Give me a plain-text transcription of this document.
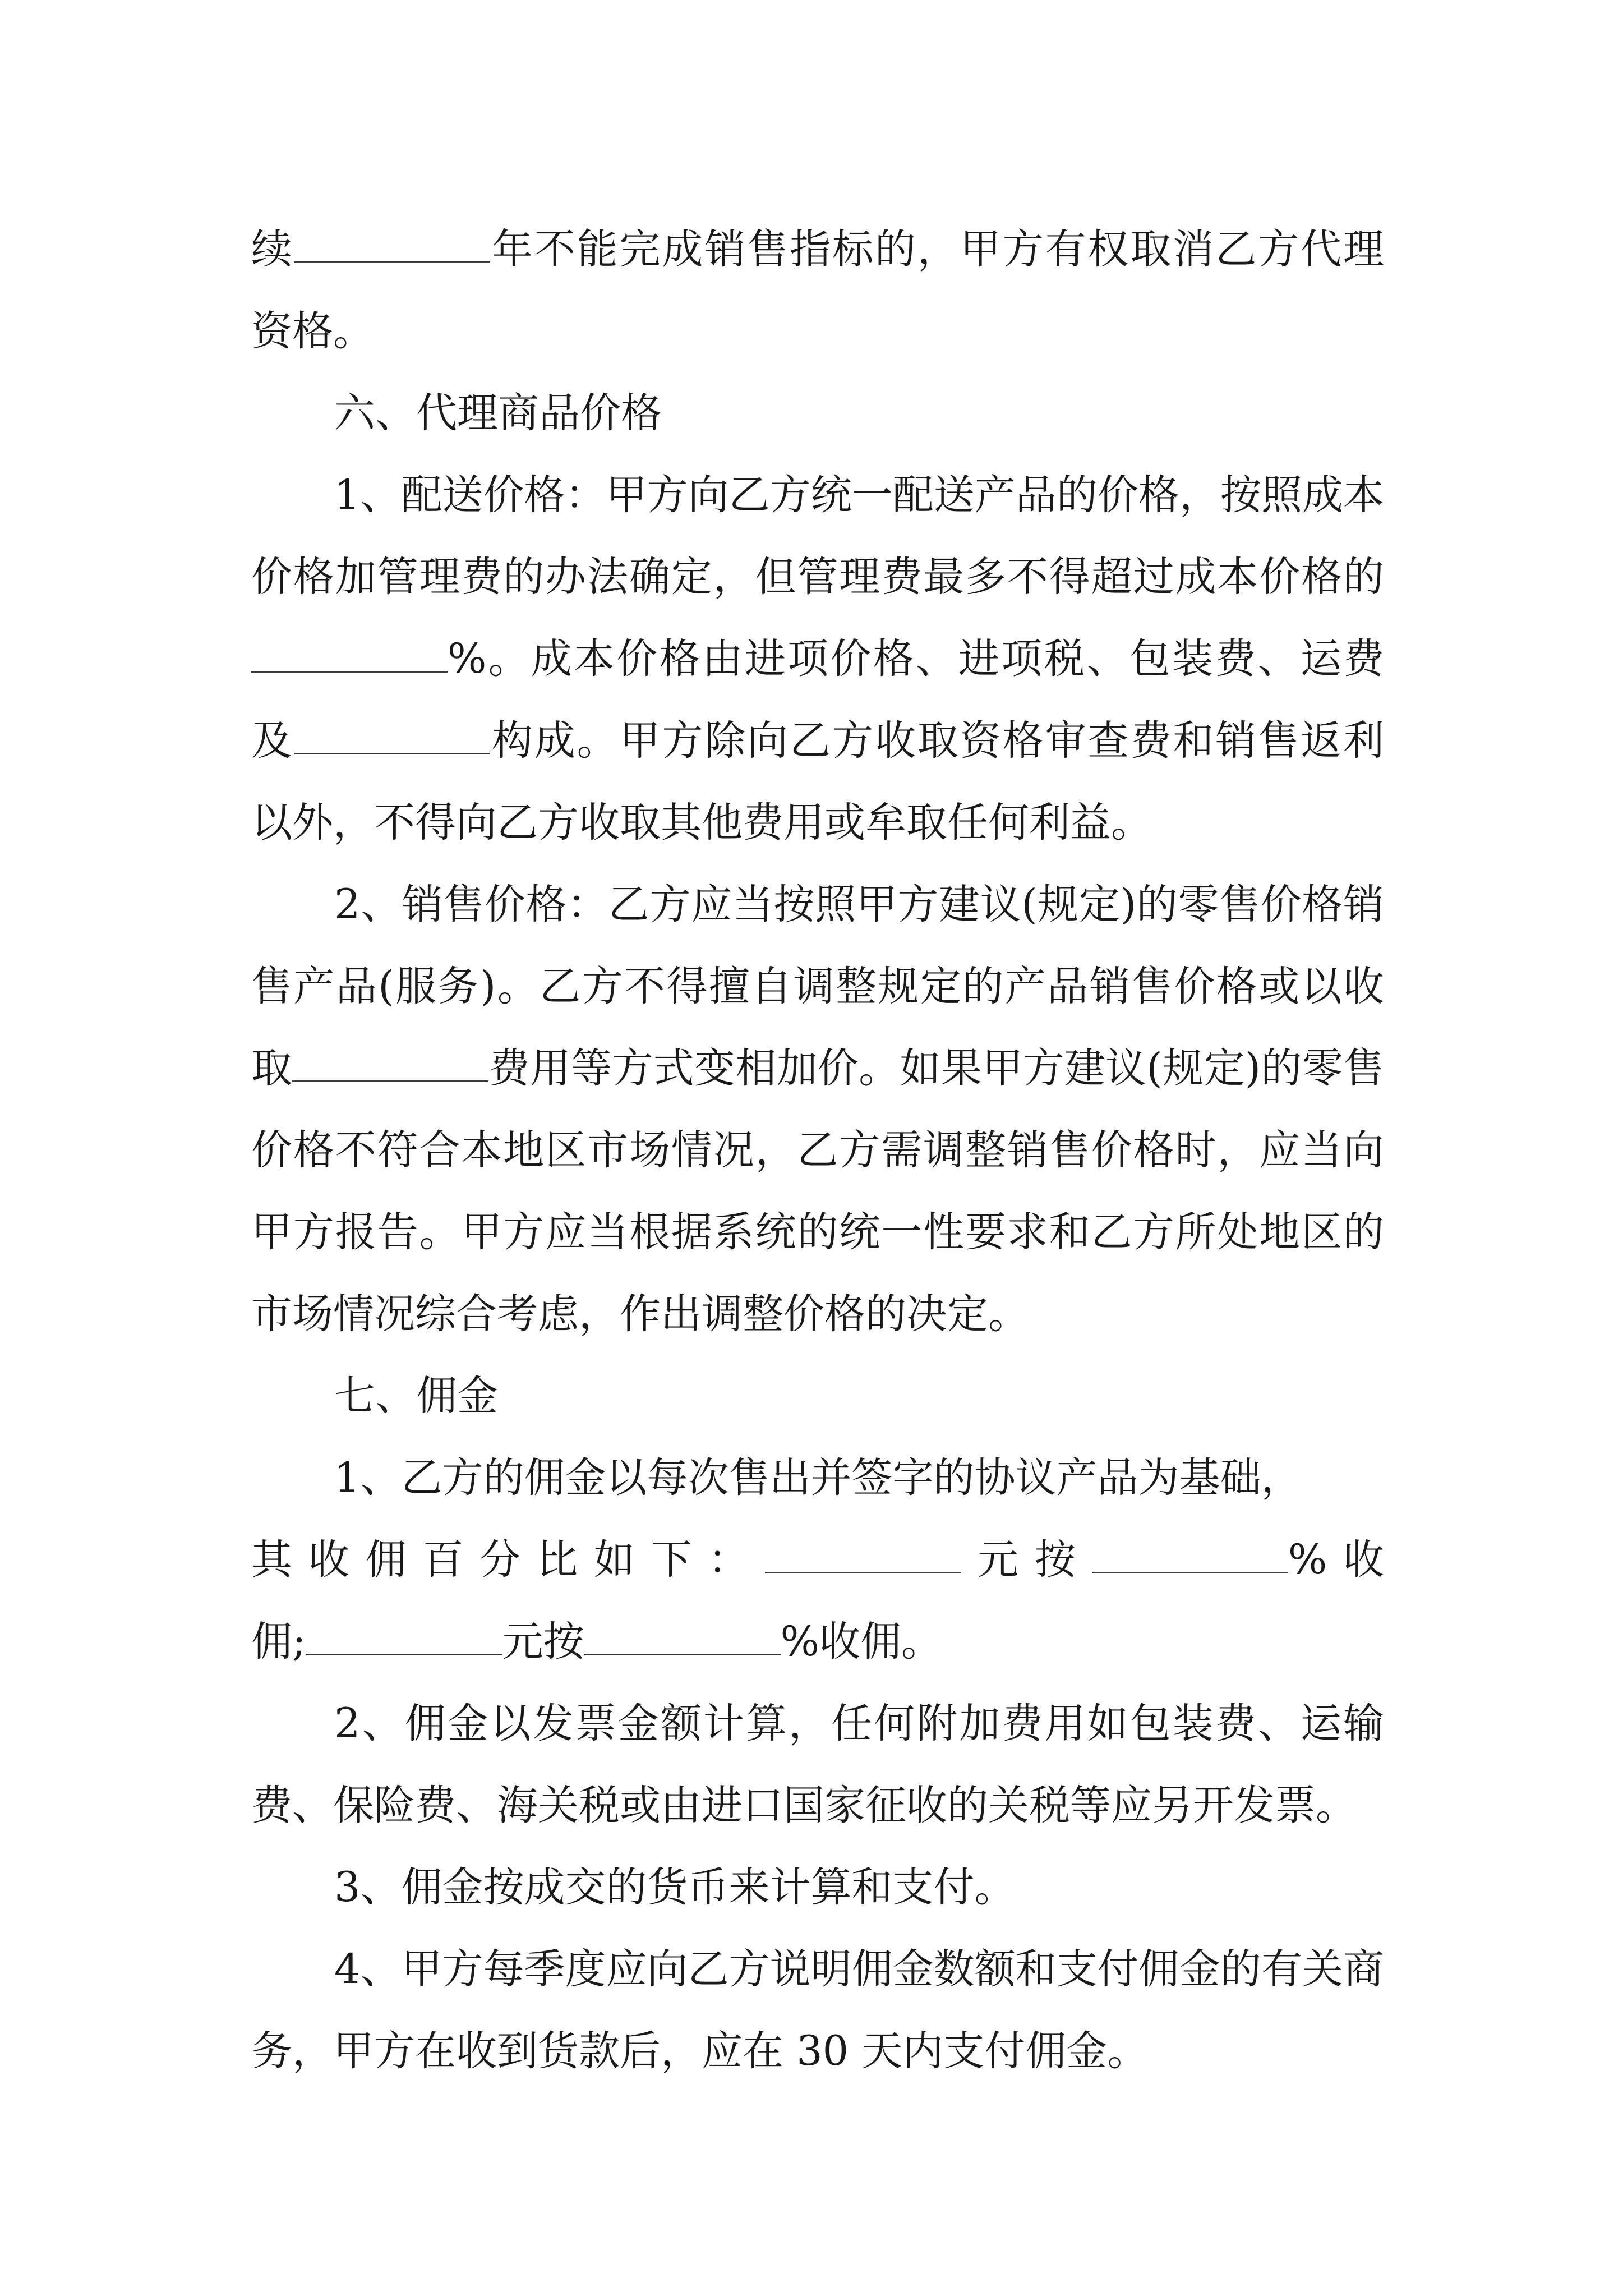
续	年不能完成销售指标的，甲方有权取消乙方代理资格。

六、代理商品价格

1、配送价格：甲方向乙方统一配送产品的价格，按照成本价格加管理费的办法确定，但管理费最多不得超过成本价格的%。成本价格由进项价格、进项税、包装费、运费及	构成。甲方除向乙方收取资格审查费和销售返利以外，不得向乙方收取其他费用或牟取任何利益。

2、销售价格：乙方应当按照甲方建议(规定)的零售价格销售产品(服务)。乙方不得擅自调整规定的产品销售价格或以收取	费用等方式变相加价。如果甲方建议(规定)的零售价格不符合本地区市场情况，乙方需调整销售价格时，应当向甲方报告。甲方应当根据系统的统一性要求和乙方所处地区的市场情况综合考虑，作出调整价格的决定。

七、佣金

1、乙方的佣金以每次售出并签字的协议产品为基础，

其收佣百分比如下：	元按	%收

佣;	元按	%收佣。

2、佣金以发票金额计算，任何附加费用如包装费、运输费、保险费、海关税或由进口国家征收的关税等应另开发票。

3、佣金按成交的货币来计算和支付。

4、甲方每季度应向乙方说明佣金数额和支付佣金的有关商务，甲方在收到货款后，应在 30 天内支付佣金。
